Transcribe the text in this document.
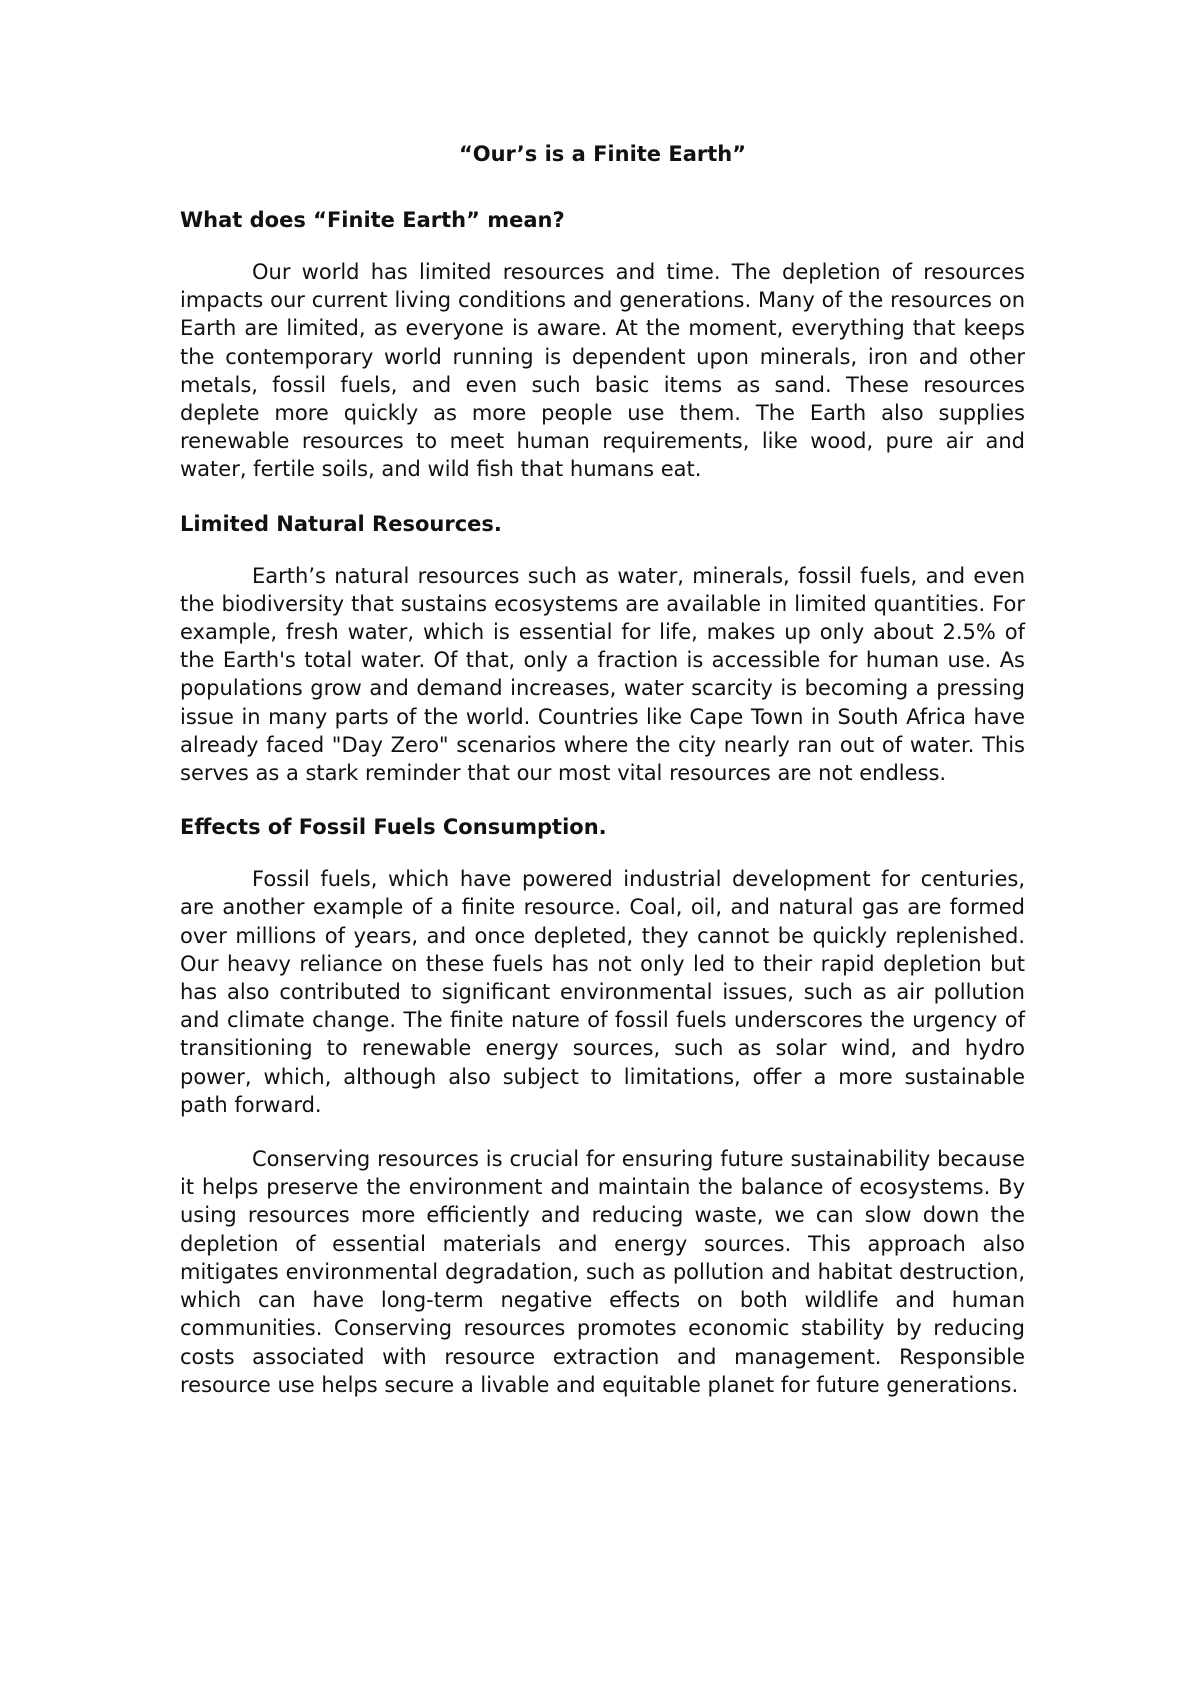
“Our’s is a Finite Earth”
What does “Finite Earth” mean?

Our world has limited resources and time. The depletion of resources impacts our current living conditions and generations. Many of the resources on Earth are limited, as everyone is aware. At the moment, everything that keeps the contemporary world running is dependent upon minerals, iron and other metals, fossil fuels, and even such basic items as sand. These resources deplete more quickly as more people use them. The Earth also supplies renewable resources to meet human requirements, like wood, pure air and water, fertile soils, and wild fish that humans eat.

Limited Natural Resources.

Earth’s natural resources such as water, minerals, fossil fuels, and even the biodiversity that sustains ecosystems are available in limited quantities. For example, fresh water, which is essential for life, makes up only about 2.5% of the Earth's total water. Of that, only a fraction is accessible for human use. As populations grow and demand increases, water scarcity is becoming a pressing issue in many parts of the world. Countries like Cape Town in South Africa have already faced "Day Zero" scenarios where the city nearly ran out of water. This serves as a stark reminder that our most vital resources are not endless.

Effects of Fossil Fuels Consumption.

Fossil fuels, which have powered industrial development for centuries, are another example of a finite resource. Coal, oil, and natural gas are formed over millions of years, and once depleted, they cannot be quickly replenished. Our heavy reliance on these fuels has not only led to their rapid depletion but has also contributed to significant environmental issues, such as air pollution and climate change. The finite nature of fossil fuels underscores the urgency of transitioning to renewable energy sources, such as solar wind, and hydro power, which, although also subject to limitations, offer a more sustainable path forward.

Conserving resources is crucial for ensuring future sustainability because it helps preserve the environment and maintain the balance of ecosystems. By using resources more efficiently and reducing waste, we can slow down the depletion of essential materials and energy sources. This approach also mitigates environmental degradation, such as pollution and habitat destruction, which can have long-term negative effects on both wildlife and human communities. Conserving resources promotes economic stability by reducing costs associated with resource extraction and management. Responsible resource use helps secure a livable and equitable planet for future generations.
